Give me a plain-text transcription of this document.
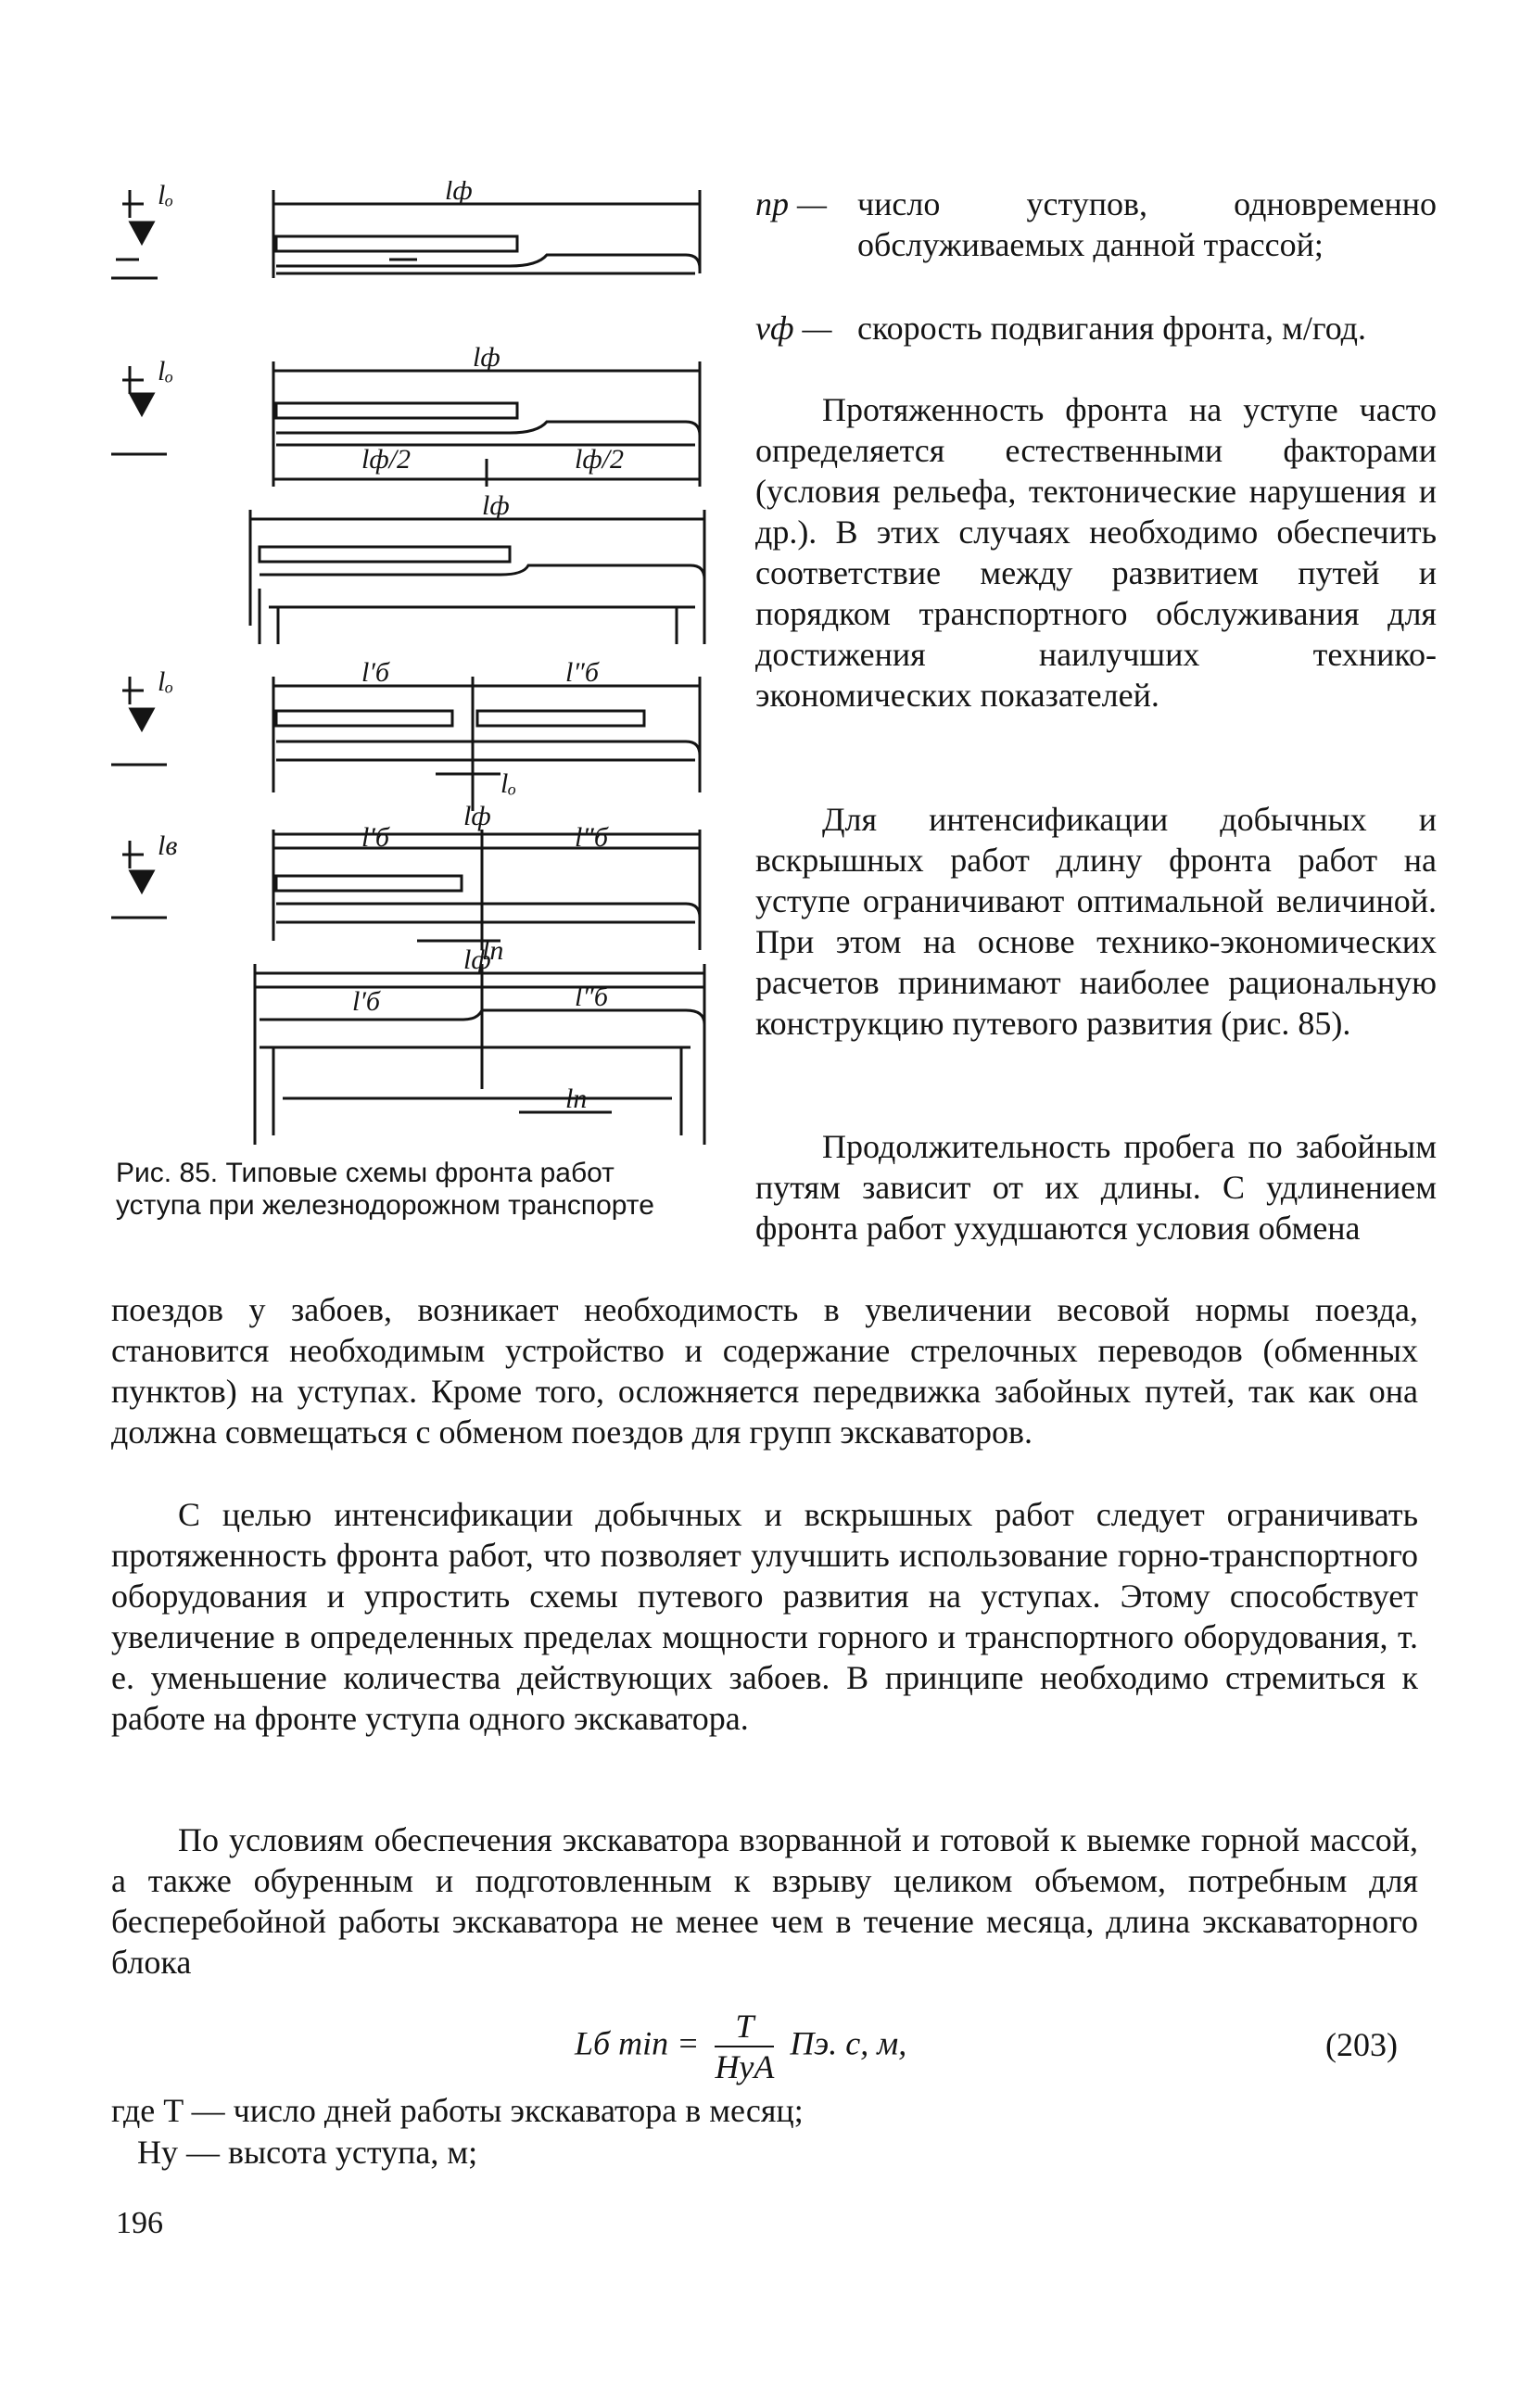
lₒ	lф
lₒ	lф
lф/2	lф/2
lф
lₒ	l′б	l″б
lₒ
lв
lф
l′б	l″б
lп
lф
l′б	l″б
lп
Рис. 85. Типовые схемы фронта работ уступа при железнодорожном транспорте
nр — число уступов, одновременно обслуживаемых данной трассой;
vф — скорость подвигания фронта, м/год.
Протяженность фронта на уступе часто определяется естественными факторами (условия рельефа, тектонические нарушения и др.). В этих случаях необходимо обеспечить соответствие между развитием путей и порядком транспортного обслуживания для достижения наилучших технико-экономических показателей.
Для интенсификации добычных и вскрышных работ длину фронта работ на уступе ограничивают оптимальной величиной. При этом на основе технико-экономических расчетов принимают наиболее рациональную конструкцию путевого развития (рис. 85).
Продолжительность пробега по забойным путям зависит от их длины. С удлинением фронта работ ухудшаются условия обмена
поездов у забоев, возникает необходимость в увеличении весовой нормы поезда, становится необходимым устройство и содержание стрелочных переводов (обменных пунктов) на уступах. Кроме того, осложняется передвижка забойных путей, так как она должна совмещаться с обменом поездов для групп экскаваторов.
С целью интенсификации добычных и вскрышных работ следует ограничивать протяженность фронта работ, что позволяет улучшить использование горно-транспортного оборудования и упростить схемы путевого развития на уступах. Этому способствует увеличение в определенных пределах мощности горного и транспортного оборудования, т. е. уменьшение количества действующих забоев. В принципе необходимо стремиться к работе на фронте уступа одного экскаватора.
По условиям обеспечения экскаватора взорванной и готовой к выемке горной массой, а также обуренным и подготовленным к взрыву целиком объемом, потребным для бесперебойной работы экскаватора не менее чем в течение месяца, длина экскаваторного блока
Lб $\min = \frac{T}{\text{HуA}}$ Пэ. с, м,	(203)
где T — число дней работы экскаватора в месяц;
Hу — высота уступа, м;
196
